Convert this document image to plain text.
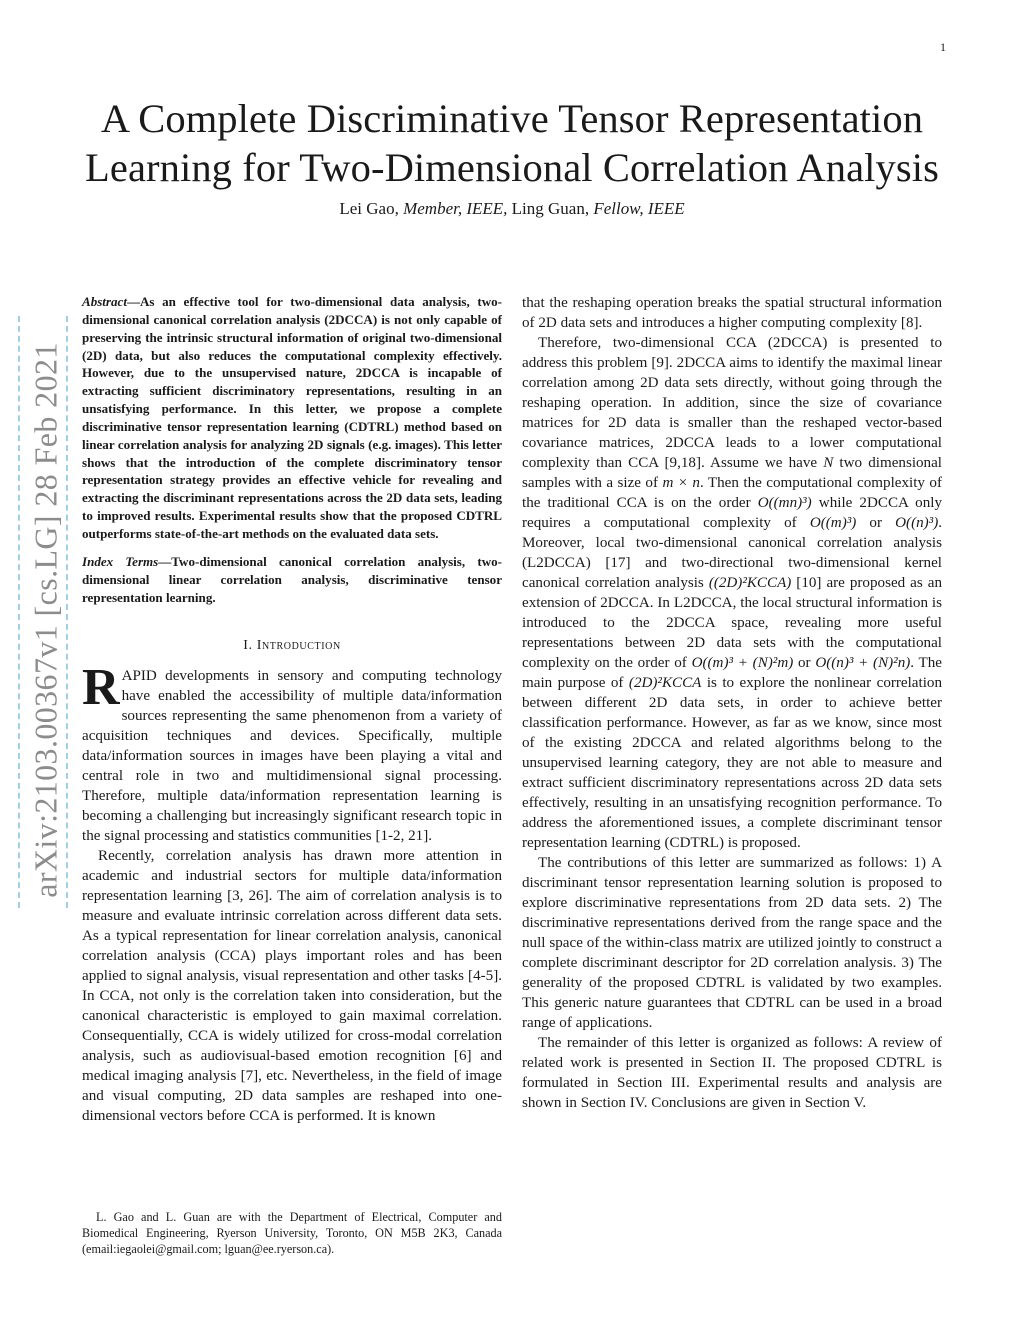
1
A Complete Discriminative Tensor Representation
Learning for Two-Dimensional Correlation Analysis
Lei Gao, Member, IEEE, Ling Guan, Fellow, IEEE
arXiv:2103.00367v1 [cs.LG] 28 Feb 2021
Abstract—As an effective tool for two-dimensional data analysis, two-dimensional canonical correlation analysis (2DCCA) is not only capable of preserving the intrinsic structural information of original two-dimensional (2D) data, but also reduces the computational complexity effectively. However, due to the unsupervised nature, 2DCCA is incapable of extracting sufficient discriminatory representations, resulting in an unsatisfying performance. In this letter, we propose a complete discriminative tensor representation learning (CDTRL) method based on linear correlation analysis for analyzing 2D signals (e.g. images). This letter shows that the introduction of the complete discriminatory tensor representation strategy provides an effective vehicle for revealing and extracting the discriminant representations across the 2D data sets, leading to improved results. Experimental results show that the proposed CDTRL outperforms state-of-the-art methods on the evaluated data sets.
Index Terms—Two-dimensional canonical correlation analysis, two-dimensional linear correlation analysis, discriminative tensor representation learning.
I. Introduction

RAPID developments in sensory and computing technology have enabled the accessibility of multiple data/information sources representing the same phenomenon from a variety of acquisition techniques and devices. Specifically, multiple data/information sources in images have been playing a vital and central role in two and multidimensional signal processing. Therefore, multiple data/information representation learning is becoming a challenging but increasingly significant research topic in the signal processing and statistics communities [1-2, 21].

Recently, correlation analysis has drawn more attention in academic and industrial sectors for multiple data/information representation learning [3, 26]. The aim of correlation analysis is to measure and evaluate intrinsic correlation across different data sets. As a typical representation for linear correlation analysis, canonical correlation analysis (CCA) plays important roles and has been applied to signal analysis, visual representation and other tasks [4-5]. In CCA, not only is the correlation taken into consideration, but the canonical characteristic is employed to gain maximal correlation. Consequentially, CCA is widely utilized for cross-modal correlation analysis, such as audiovisual-based emotion recognition [6] and medical imaging analysis [7], etc. Nevertheless, in the field of image and visual computing, 2D data samples are reshaped into one-dimensional vectors before CCA is performed. It is known

L. Gao and L. Guan are with the Department of Electrical, Computer and Biomedical Engineering, Ryerson University, Toronto, ON M5B 2K3, Canada (email:iegaolei@gmail.com; lguan@ee.ryerson.ca).

that the reshaping operation breaks the spatial structural information of 2D data sets and introduces a higher computing complexity [8].

Therefore, two-dimensional CCA (2DCCA) is presented to address this problem [9]. 2DCCA aims to identify the maximal linear correlation among 2D data sets directly, without going through the reshaping operation. In addition, since the size of covariance matrices for 2D data is smaller than the reshaped vector-based covariance matrices, 2DCCA leads to a lower computational complexity than CCA [9,18]. Assume we have N two dimensional samples with a size of m × n. Then the computational complexity of the traditional CCA is on the order O((mn)³) while 2DCCA only requires a computational complexity of O((m)³) or O((n)³). Moreover, local two-dimensional canonical correlation analysis (L2DCCA) [17] and two-directional two-dimensional kernel canonical correlation analysis ((2D)²KCCA) [10] are proposed as an extension of 2DCCA. In L2DCCA, the local structural information is introduced to the 2DCCA space, revealing more useful representations between 2D data sets with the computational complexity on the order of O((m)³ + (N)²m) or O((n)³ + (N)²n). The main purpose of (2D)²KCCA is to explore the nonlinear correlation between different 2D data sets, in order to achieve better classification performance. However, as far as we know, since most of the existing 2DCCA and related algorithms belong to the unsupervised learning category, they are not able to measure and extract sufficient discriminatory representations across 2D data sets effectively, resulting in an unsatisfying recognition performance. To address the aforementioned issues, a complete discriminant tensor representation learning (CDTRL) is proposed.

The contributions of this letter are summarized as follows: 1) A discriminant tensor representation learning solution is proposed to explore discriminative representations from 2D data sets. 2) The discriminative representations derived from the range space and the null space of the within-class matrix are utilized jointly to construct a complete discriminant descriptor for 2D correlation analysis. 3) The generality of the proposed CDTRL is validated by two examples. This generic nature guarantees that CDTRL can be used in a broad range of applications.

The remainder of this letter is organized as follows: A review of related work is presented in Section II. The proposed CDTRL is formulated in Section III. Experimental results and analysis are shown in Section IV. Conclusions are given in Section V.
